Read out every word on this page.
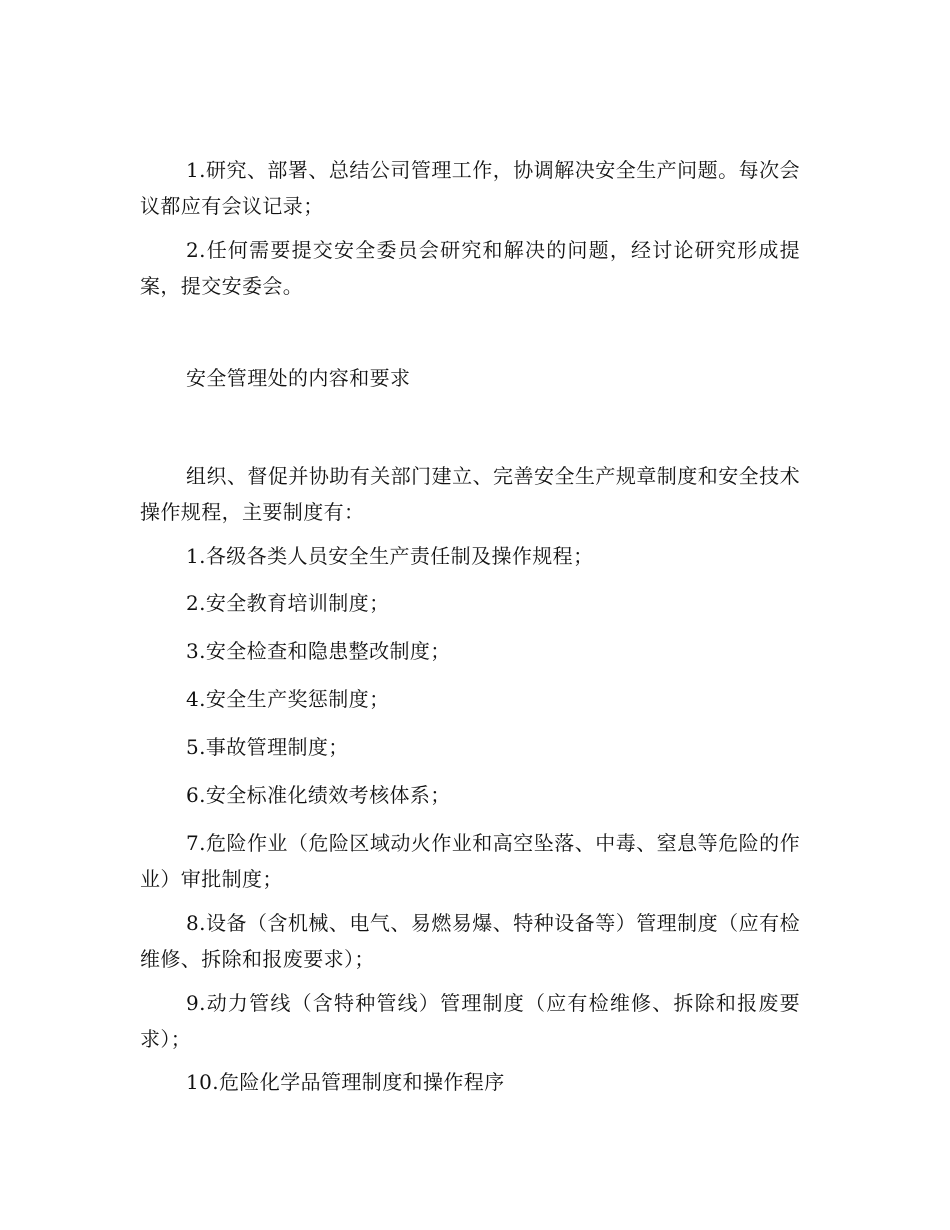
1.研究、部署、总结公司管理工作，协调解决安全生产问题。每次会议都应有会议记录；

2.任何需要提交安全委员会研究和解决的问题，经讨论研究形成提案，提交安委会。

安全管理处的内容和要求

组织、督促并协助有关部门建立、完善安全生产规章制度和安全技术操作规程，主要制度有：

1.各级各类人员安全生产责任制及操作规程；

2.安全教育培训制度；

3.安全检查和隐患整改制度；

4.安全生产奖惩制度；

5.事故管理制度；

6.安全标准化绩效考核体系；

7.危险作业（危险区域动火作业和高空坠落、中毒、窒息等危险的作业）审批制度；

8.设备（含机械、电气、易燃易爆、特种设备等）管理制度（应有检维修、拆除和报废要求）；

9.动力管线（含特种管线）管理制度（应有检维修、拆除和报废要求）；

10.危险化学品管理制度和操作程序
